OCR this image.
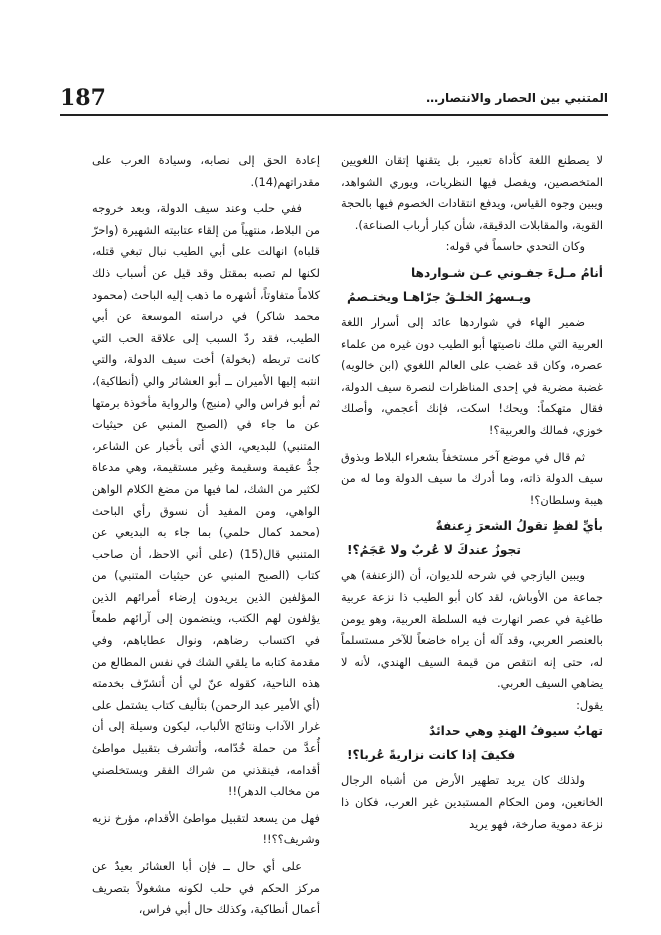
187	المتنبي بين الحصار والانتصار…

لا يصطنع اللغة كأداة تعبير، بل يتقنها إتقان اللغويين المتخصصين، ويفصل فيها النظريات، ويوري الشواهد، ويبين وجوه القياس، ويدفع انتقادات الخصوم فيها بالحجة القوية، والمقابلات الدقيقة، شأن كبار أرباب الصناعة).

وكان التحدي حاسماً في قوله:

أنامُ مـلءَ جفـوني عـن شـواردها
ويـسهرُ الخلـقُ جرّاهـا ويختـصمُ

ضمير الهاء في شواردها عائد إلى أسرار اللغة العربية التي ملك ناصيتها أبو الطيب دون غيره من علماء عصره، وكان قد غضب على العالم اللغوي (ابن خالويه) غضبة مضرية في إحدى المناظرات لنصرة سيف الدولة، فقال متهكماً: ويحك! اسكت، فإنك أعجمي، وأصلك خوزي، فمالك والعربية؟!

ثم قال في موضع آخر مستخفاً بشعراء البلاط وبذوق سيف الدولة ذاته، وما أدرك ما سيف الدولة وما له من هيبة وسلطان؟!

بأيِّ لفظٍ تقولُ الشعرَ زِعنفةٌ
تجوزُ عندكَ لا عُربٌ ولا عَجَمُ؟!

ويبين اليازجي في شرحه للديوان، أن (الزعنفة) هي جماعة من الأوباش، لقد كان أبو الطيب ذا نزعة عربية طاغية في عصر انهارت فيه السلطة العربية، وهو يومن بالعنصر العربي، وقد آله أن يراه خاضعاً للآخر مستسلماً له، حتى إنه انتقص من قيمة السيف الهندي، لأنه لا يضاهي السيف العربي.

يقول:

تهابُ سيوفُ الهندِ وهي حدائدٌ
فكيفَ إذا كانت نزاريةً عُربا؟!

ولذلك كان يريد تطهير الأرض من أشباه الرجال الخانعين، ومن الحكام المستبدين غير العرب، فكان ذا نزعة دموية صارخة، فهو يريد

إعادة الحق إلى نصابه، وسيادة العرب على مقدراتهم(14).

ففي حلب وعند سيف الدولة، وبعد خروجه من البلاط، منتهياً من إلقاء عتابيته الشهيرة (واحرّ قلباه) انهالت على أبي الطيب نبال تبغي قتله، لكنها لم تصبه بمقتل وقد قيل عن أسباب ذلك كلاماً متفاوتاً، أشهره ما ذهب إليه الباحث (محمود محمد شاكر) في دراسته الموسعة عن أبي الطيب، فقد ردّ السبب إلى علاقة الحب التي كانت تربطه (بخولة) أخت سيف الدولة، والتي انتبه إليها الأميران ــ أبو العشائر والي (أنطاكية)، ثم أبو فراس والي (منبج) والرواية مأخوذة برمتها عن ما جاء في (الصبح المنبي عن حيثيات المتنبي) للبديعي، الذي أتى بأخبار عن الشاعر، جدُّ عقيمة وسقيمة وغير مستقيمة، وهي مدعاة لكثير من الشك، لما فيها من مضغ الكلام الواهن الواهي، ومن المفيد أن نسوق رأي الباحث (محمد كمال حلمي) بما جاء به البديعي عن المتنبي قال(15) (على أني الاحظ، أن صاحب كتاب (الصبح المنبي عن حيثيات المتنبي) من المؤلفين الذين يريدون إرضاء أمرائهم الذين يؤلفون لهم الكتب، وينضمون إلى آرائهم طمعاً في اكتساب رضاهم، ونوال عطاياهم، وفي مقدمة كتابه ما يلقي الشك في نفس المطالع من هذه الناحية، كقوله عنّ لي أن أتشرّف بخدمته (أي الأمير عبد الرحمن) بتأليف كتاب يشتمل على غرار الآداب ونتائج الألباب، ليكون وسيلة إلى أن أُعدَّ من حملة خُدّامه، وأتشرف بتقبيل مواطئ أقدامه، فينقذني من شراك الفقر ويستخلصني من مخالب الدهر)!!

فهل من يسعد لتقبيل مواطئ الأقدام، مؤرخ نزيه وشريف؟؟!!

على أي حال ــ فإن أبا العشائر بعيدٌ عن مركز الحكم في حلب لكونه مشغولاً بتصريف أعمال أنطاكية، وكذلك حال أبي فراس،
